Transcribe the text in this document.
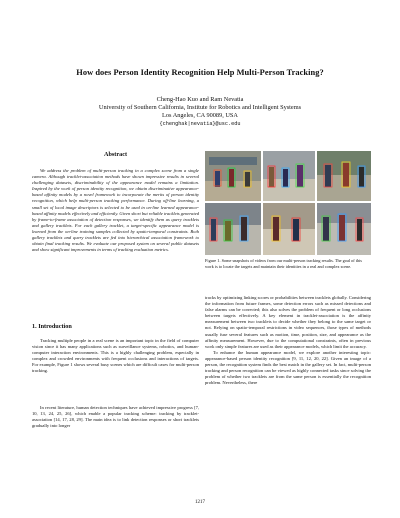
How does Person Identity Recognition Help Multi-Person Tracking?
Cheng-Hao Kuo and Ram Nevatia
University of Southern California, Institute for Robotics and Intelligent Systems
Los Angeles, CA 90089, USA
{chenghak|nevatia}@usc.edu
Abstract
We address the problem of multi-person tracking in a complex scene from a single camera. Although tracklet-association methods have shown impressive results in several challenging datasets, discriminability of the appearance model remains a limitation. Inspired by the work of person identity recognition, we obtain discriminative appearance-based affinity models by a novel framework to incorporate the merits of person identity recognition, which help multi-person tracking performance. During off-line learning, a small set of local image descriptors is selected to be used in on-line learned appearance-based affinity models effectively and efficiently. Given short but reliable tracklets generated by frame-to-frame association of detection responses, we identify them as query tracklets and gallery tracklets. For each gallery tracklet, a target-specific appearance model is learned from the on-line training samples collected by spatio-temporal constraints. Both gallery tracklets and query tracklets are fed into hierarchical association framework to obtain final tracking results. We evaluate our proposed system on several public datasets and show significant improvements in terms of tracking evaluation metrics.
1. Introduction
Tracking multiple people in a real scene is an important topic in the field of computer vision since it has many applications such as surveillance systems, robotics, and human-computer interaction environments. This is a highly challenging problem, especially in complex and crowded environments with frequent occlusions and interactions of targets. For example, Figure 1 shows several busy scenes which are difficult cases for multi-person tracking.
In recent literature, human detection techniques have achieved impressive progress [7, 10, 13, 24, 25, 26], which enable a popular tracking scheme: tracking by tracklet-association [14, 17, 28, 29]. The main idea is to link detection responses or short tracklets gradually into longer
Figure 1. Some snapshots of videos from our multi-person tracking results. The goal of this work is to locate the targets and maintain their identities in a real and complex scene.

tracks by optimizing linking scores or probabilities between tracklets globally. Considering the information from future frames, some detection errors such as missed detections and false alarms can be corrected; this also solves the problem of frequent or long occlusions between targets effectively. A key element in tracklet-association is the affinity measurement between two tracklets to decide whether they belong to the same target or not. Relying on spatio-temporal restrictions in video sequences, those types of methods usually fuse several features such as motion, time, position, size, and appearance as the affinity measurement. However, due to the computational constraints, often in previous work only simple features are used as their appearance models, which limit the accuracy.

To enhance the human appearance model, we explore another interesting topic: appearance-based person identity recognition [9, 11, 12, 20, 22]. Given an image of a person, the recognition system finds the best match in the gallery set. In fact, multi-person tracking and person recognition can be viewed as highly connected tasks since solving the problem of whether two tracklets are from the same person is essentially the recognition problem. Nevertheless, there

1217
